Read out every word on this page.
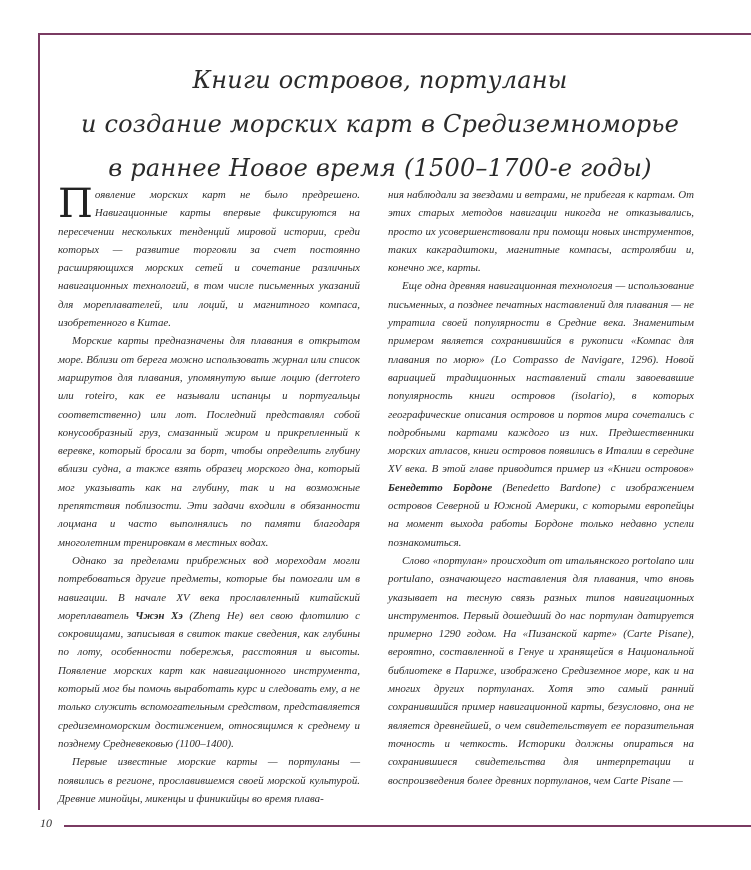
Книги островов, портуланы
и создание морских карт в Средиземноморье
в раннее Новое время (1500–1700-е годы)

Появление морских карт не было предрешено. Навигационные карты впервые фиксируются на пересечении нескольких тенденций мировой истории, среди которых — развитие торговли за счет постоянно расширяющихся морских сетей и сочетание различных навигационных технологий, в том числе письменных указаний для мореплавателей, или лоций, и магнитного компаса, изобретенного в Китае.

Морские карты предназначены для плавания в открытом море. Вблизи от берега можно использовать журнал или список маршрутов для плавания, упомянутую выше лоцию (derrotero или roteiro, как ее называли испанцы и португальцы соответственно) или лот. Последний представлял собой конусообразный груз, смазанный жиром и прикрепленный к веревке, который бросали за борт, чтобы определить глубину вблизи судна, а также взять образец морского дна, который мог указывать как на глубину, так и на возможные препятствия поблизости. Эти задачи входили в обязанности лоцмана и часто выполнялись по памяти благодаря многолетним тренировкам в местных водах.

Однако за пределами прибрежных вод мореходам могли потребоваться другие предметы, которые бы помогали им в навигации. В начале XV века прославленный китайский мореплаватель Чжэн Хэ (Zheng He) вел свою флотилию с сокровищами, записывая в свиток такие сведения, как глубины по лоту, особенности побережья, расстояния и высоты. Появление морских карт как навигационного инструмента, который мог бы помочь выработать курс и следовать ему, а не только служить вспомогательным средством, представляется средиземноморским достижением, относящимся к среднему и позднему Средневековью (1100–1400).

Первые известные морские карты — портуланы — появились в регионе, прославившемся своей морской культурой. Древние минойцы, микенцы и финикийцы во время плава-

ния наблюдали за звездами и ветрами, не прибегая к картам. От этих старых методов навигации никогда не отказывались, просто их усовершенствовали при помощи новых инструментов, таких какградштоки, магнитные компасы, астролябии и, конечно же, карты.

Еще одна древняя навигационная технология — использование письменных, а позднее печатных наставлений для плавания — не утратила своей популярности в Средние века. Знаменитым примером является сохранившийся в рукописи «Компас для плавания по морю» (Lo Compasso de Navigare, 1296). Новой вариацией традиционных наставлений стали завоевавшие популярность книги островов (isolario), в которых географические описания островов и портов мира сочетались с подробными картами каждого из них. Предшественники морских атласов, книги островов появились в Италии в середине XV века. В этой главе приводится пример из «Книги островов» Бенедетто Бордоне (Benedetto Bardone) с изображением островов Северной и Южной Америки, с которыми европейцы на момент выхода работы Бордоне только недавно успели познакомиться.

Слово «портулан» происходит от итальянского portolano или portulano, означающего наставления для плавания, что вновь указывает на тесную связь разных типов навигационных инструментов. Первый дошедший до нас портулан датируется примерно 1290 годом. На «Пизанской карте» (Carte Pisane), вероятно, составленной в Генуе и хранящейся в Национальной библиотеке в Париже, изображено Средиземное море, как и на многих других портуланах. Хотя это самый ранний сохранившийся пример навигационной карты, безусловно, она не является древнейшей, о чем свидетельствует ее поразительная точность и четкость. Историки должны опираться на сохранившиеся свидетельства для интерпретации и воспроизведения более древних портуланов, чем Carte Pisane —

10
